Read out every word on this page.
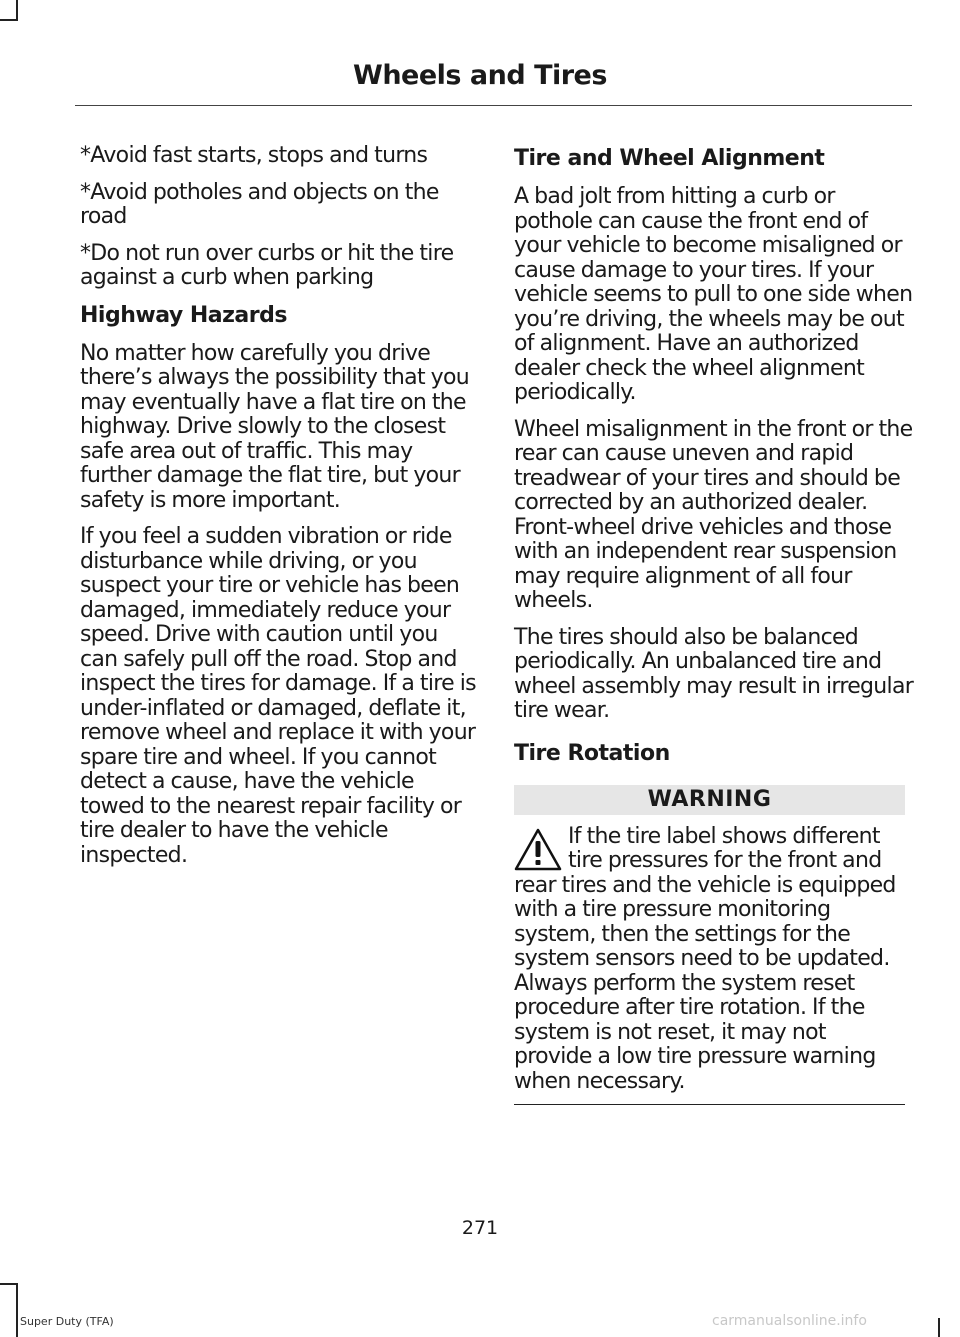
Wheels and Tires

*Avoid fast starts, stops and turns

*Avoid potholes and objects on the road

*Do not run over curbs or hit the tire against a curb when parking

Highway Hazards

No matter how carefully you drive there’s always the possibility that you may eventually have a flat tire on the highway. Drive slowly to the closest safe area out of traffic. This may further damage the flat tire, but your safety is more important.

If you feel a sudden vibration or ride disturbance while driving, or you suspect your tire or vehicle has been damaged, immediately reduce your speed. Drive with caution until you can safely pull off the road. Stop and inspect the tires for damage. If a tire is under-inflated or damaged, deflate it, remove wheel and replace it with your spare tire and wheel. If you cannot detect a cause, have the vehicle towed to the nearest repair facility or tire dealer to have the vehicle inspected.

Tire and Wheel Alignment

A bad jolt from hitting a curb or pothole can cause the front end of your vehicle to become misaligned or cause damage to your tires. If your vehicle seems to pull to one side when you’re driving, the wheels may be out of alignment. Have an authorized dealer check the wheel alignment periodically.

Wheel misalignment in the front or the rear can cause uneven and rapid treadwear of your tires and should be corrected by an authorized dealer. Front-wheel drive vehicles and those with an independent rear suspension may require alignment of all four wheels.

The tires should also be balanced periodically. An unbalanced tire and wheel assembly may result in irregular tire wear.

Tire Rotation
WARNING

If the tire label shows different tire pressures for the front and rear tires and the vehicle is equipped with a tire pressure monitoring system, then the settings for the system sensors need to be updated. Always perform the system reset procedure after tire rotation. If the system is not reset, it may not provide a low tire pressure warning when necessary.

271
Super Duty (TFA)	carmanualsonline.info
